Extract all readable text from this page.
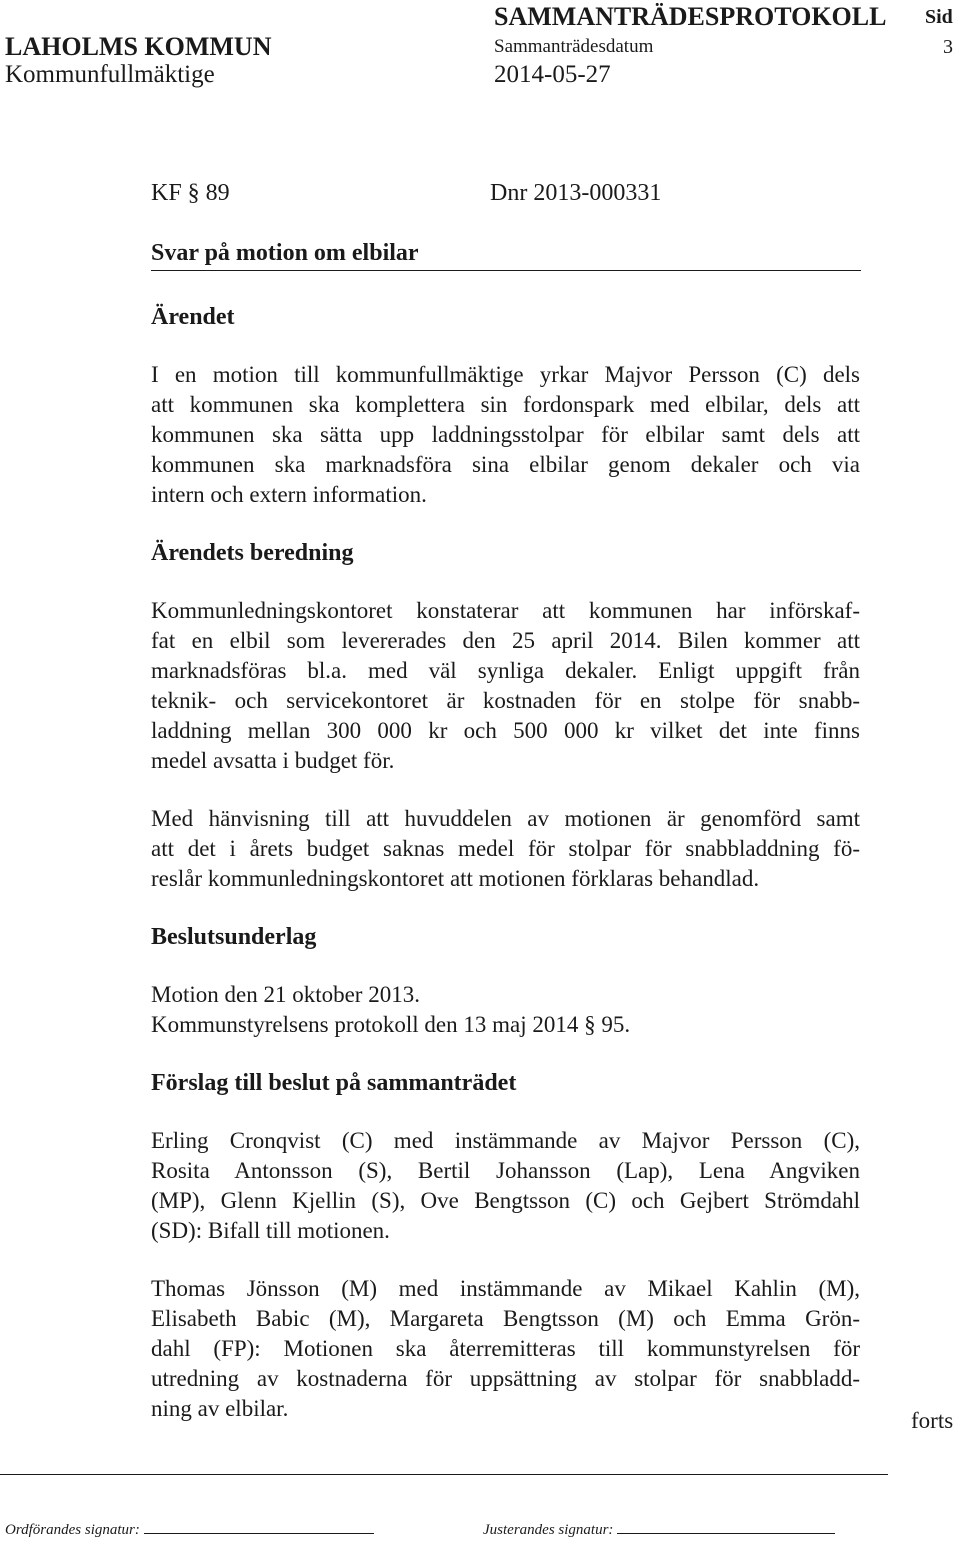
SAMMANTRÄDESPROTOKOLL Sid
LAHOLMS KOMMUN	Sammanträdesdatum	3
Kommunfullmäktige	2014-05-27
KF § 89	Dnr 2013-000331
Svar på motion om elbilar
Ärendet
I en motion till kommunfullmäktige yrkar Majvor Persson (C) dels
att kommunen ska komplettera sin fordonspark med elbilar, dels att
kommunen ska sätta upp laddningsstolpar för elbilar samt dels att
kommunen ska marknadsföra sina elbilar genom dekaler och via
intern och extern information.
Ärendets beredning
Kommunledningskontoret konstaterar att kommunen har införskaf-
fat en elbil som levererades den 25 april 2014. Bilen kommer att
marknadsföras bl.a. med väl synliga dekaler. Enligt uppgift från
teknik- och servicekontoret är kostnaden för en stolpe för snabb-
laddning mellan 300 000 kr och 500 000 kr vilket det inte finns
medel avsatta i budget för.
Med hänvisning till att huvuddelen av motionen är genomförd samt
att det i årets budget saknas medel för stolpar för snabbladdning fö-
reslår kommunledningskontoret att motionen förklaras behandlad.
Beslutsunderlag
Motion den 21 oktober 2013.
Kommunstyrelsens protokoll den 13 maj 2014 § 95.
Förslag till beslut på sammanträdet
Erling Cronqvist (C) med instämmande av Majvor Persson (C),
Rosita Antonsson (S), Bertil Johansson (Lap), Lena Angviken
(MP), Glenn Kjellin (S), Ove Bengtsson (C) och Gejbert Strömdahl
(SD): Bifall till motionen.
Thomas Jönsson (M) med instämmande av Mikael Kahlin (M),
Elisabeth Babic (M), Margareta Bengtsson (M) och Emma Grön-
dahl (FP): Motionen ska återremitteras till kommunstyrelsen för
utredning av kostnaderna för uppsättning av stolpar för snabbladd-
ning av elbilar.	forts
Ordförandes signatur:	Justerandes signatur:
